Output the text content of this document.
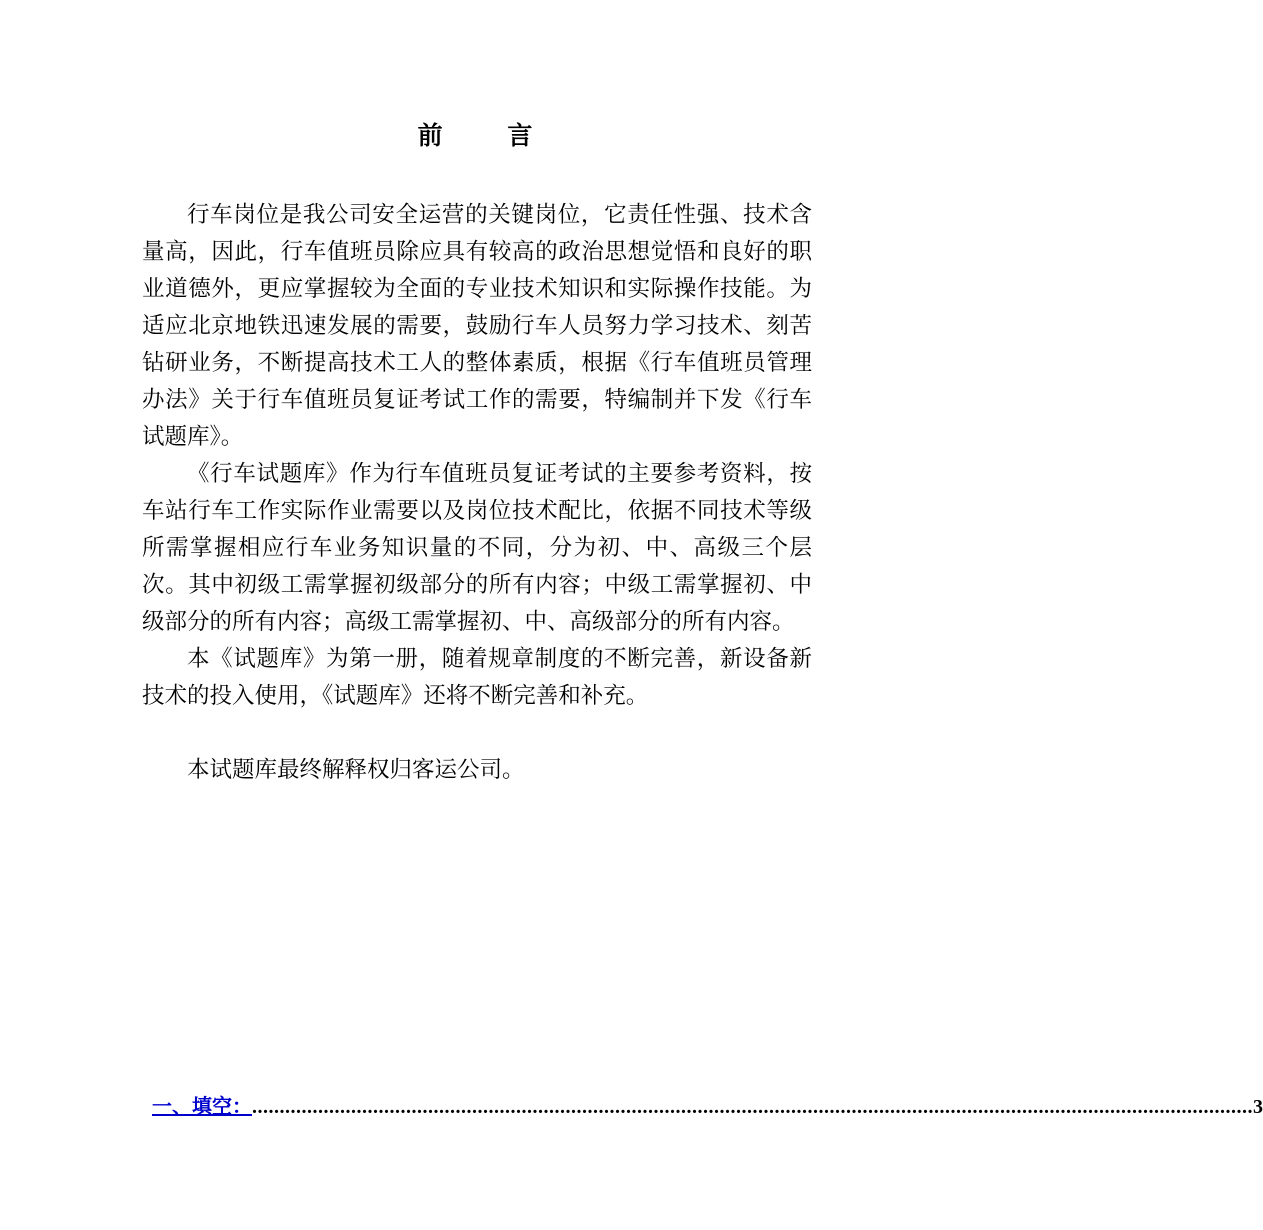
前 言

行车岗位是我公司安全运营的关键岗位，它责任性强、技术含量高，因此，行车值班员除应具有较高的政治思想觉悟和良好的职业道德外，更应掌握较为全面的专业技术知识和实际操作技能。为适应北京地铁迅速发展的需要，鼓励行车人员努力学习技术、刻苦钻研业务，不断提高技术工人的整体素质，根据《行车值班员管理办法》关于行车值班员复证考试工作的需要，特编制并下发《行车试题库》。

《行车试题库》作为行车值班员复证考试的主要参考资料，按车站行车工作实际作业需要以及岗位技术配比，依据不同技术等级所需掌握相应行车业务知识量的不同，分为初、中、高级三个层次。其中初级工需掌握初级部分的所有内容；中级工需掌握初、中级部分的所有内容；高级工需掌握初、中、高级部分的所有内容。

本《试题库》为第一册，随着规章制度的不断完善，新设备新技术的投入使用，《试题库》还将不断完善和补充。

本试题库最终解释权归客运公司。

一、填空： ...................................................................................................................................................................................... 3
